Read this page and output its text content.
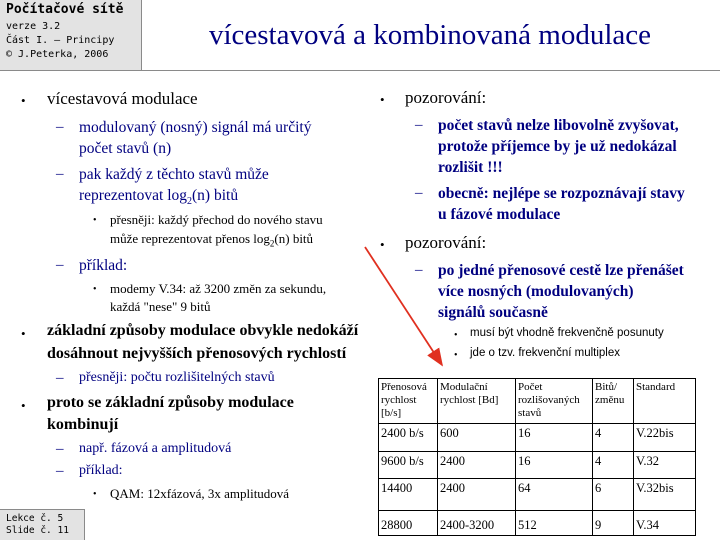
Počítačové sítě
verze 3.2
Část I. – Principy
© J.Peterka, 2006
vícestavová a kombinovaná modulace
• vícestavová modulace
– modulovaný (nosný) signál má určitý
počet stavů (n)
– pak každý z těchto stavů může
reprezentovat $\log_2(n)$ bitů
• přesněji: každý přechod do nového stavu
může reprezentovat přenos $\log_2(n)$ bitů
– příklad:
• modemy V.34: až 3200 změn za sekundu,
každá "nese" 9 bitů
• základní způsoby modulace obvykle nedokáží
dosáhnout nejvyšších přenosových rychlostí
– přesněji: počtu rozlišitelných stavů
• proto se základní způsoby modulace
kombinují
– např. fázová a amplitudová
– příklad:
• QAM: 12xfázová, 3x amplitudová
• pozorování:
– počet stavů nelze libovolně zvyšovat,
protože příjemce by je už nedokázal
rozlišit !!!
– obecně: nejlépe se rozpoznávají stavy
u fázové modulace
• pozorování:
– po jedné přenosové cestě lze přenášet
více nosných (modulovaných)
signálů současně
• musí být vhodně frekvenčně posunuty
• jde o tzv. frekvenční multiplex
Přenosová
rychlost
[b/s]	Modulační
rychlost [Bd]	Počet
rozlišovaných
stavů	Bitů/
změnu	Standard
2400 b/s	600	16	4	V.22bis
9600 b/s	2400	16	4	V.32
14400	2400	64	6	V.32bis
28800	2400-3200	512	9	V.34
Lekce č. 5
Slide č. 11
